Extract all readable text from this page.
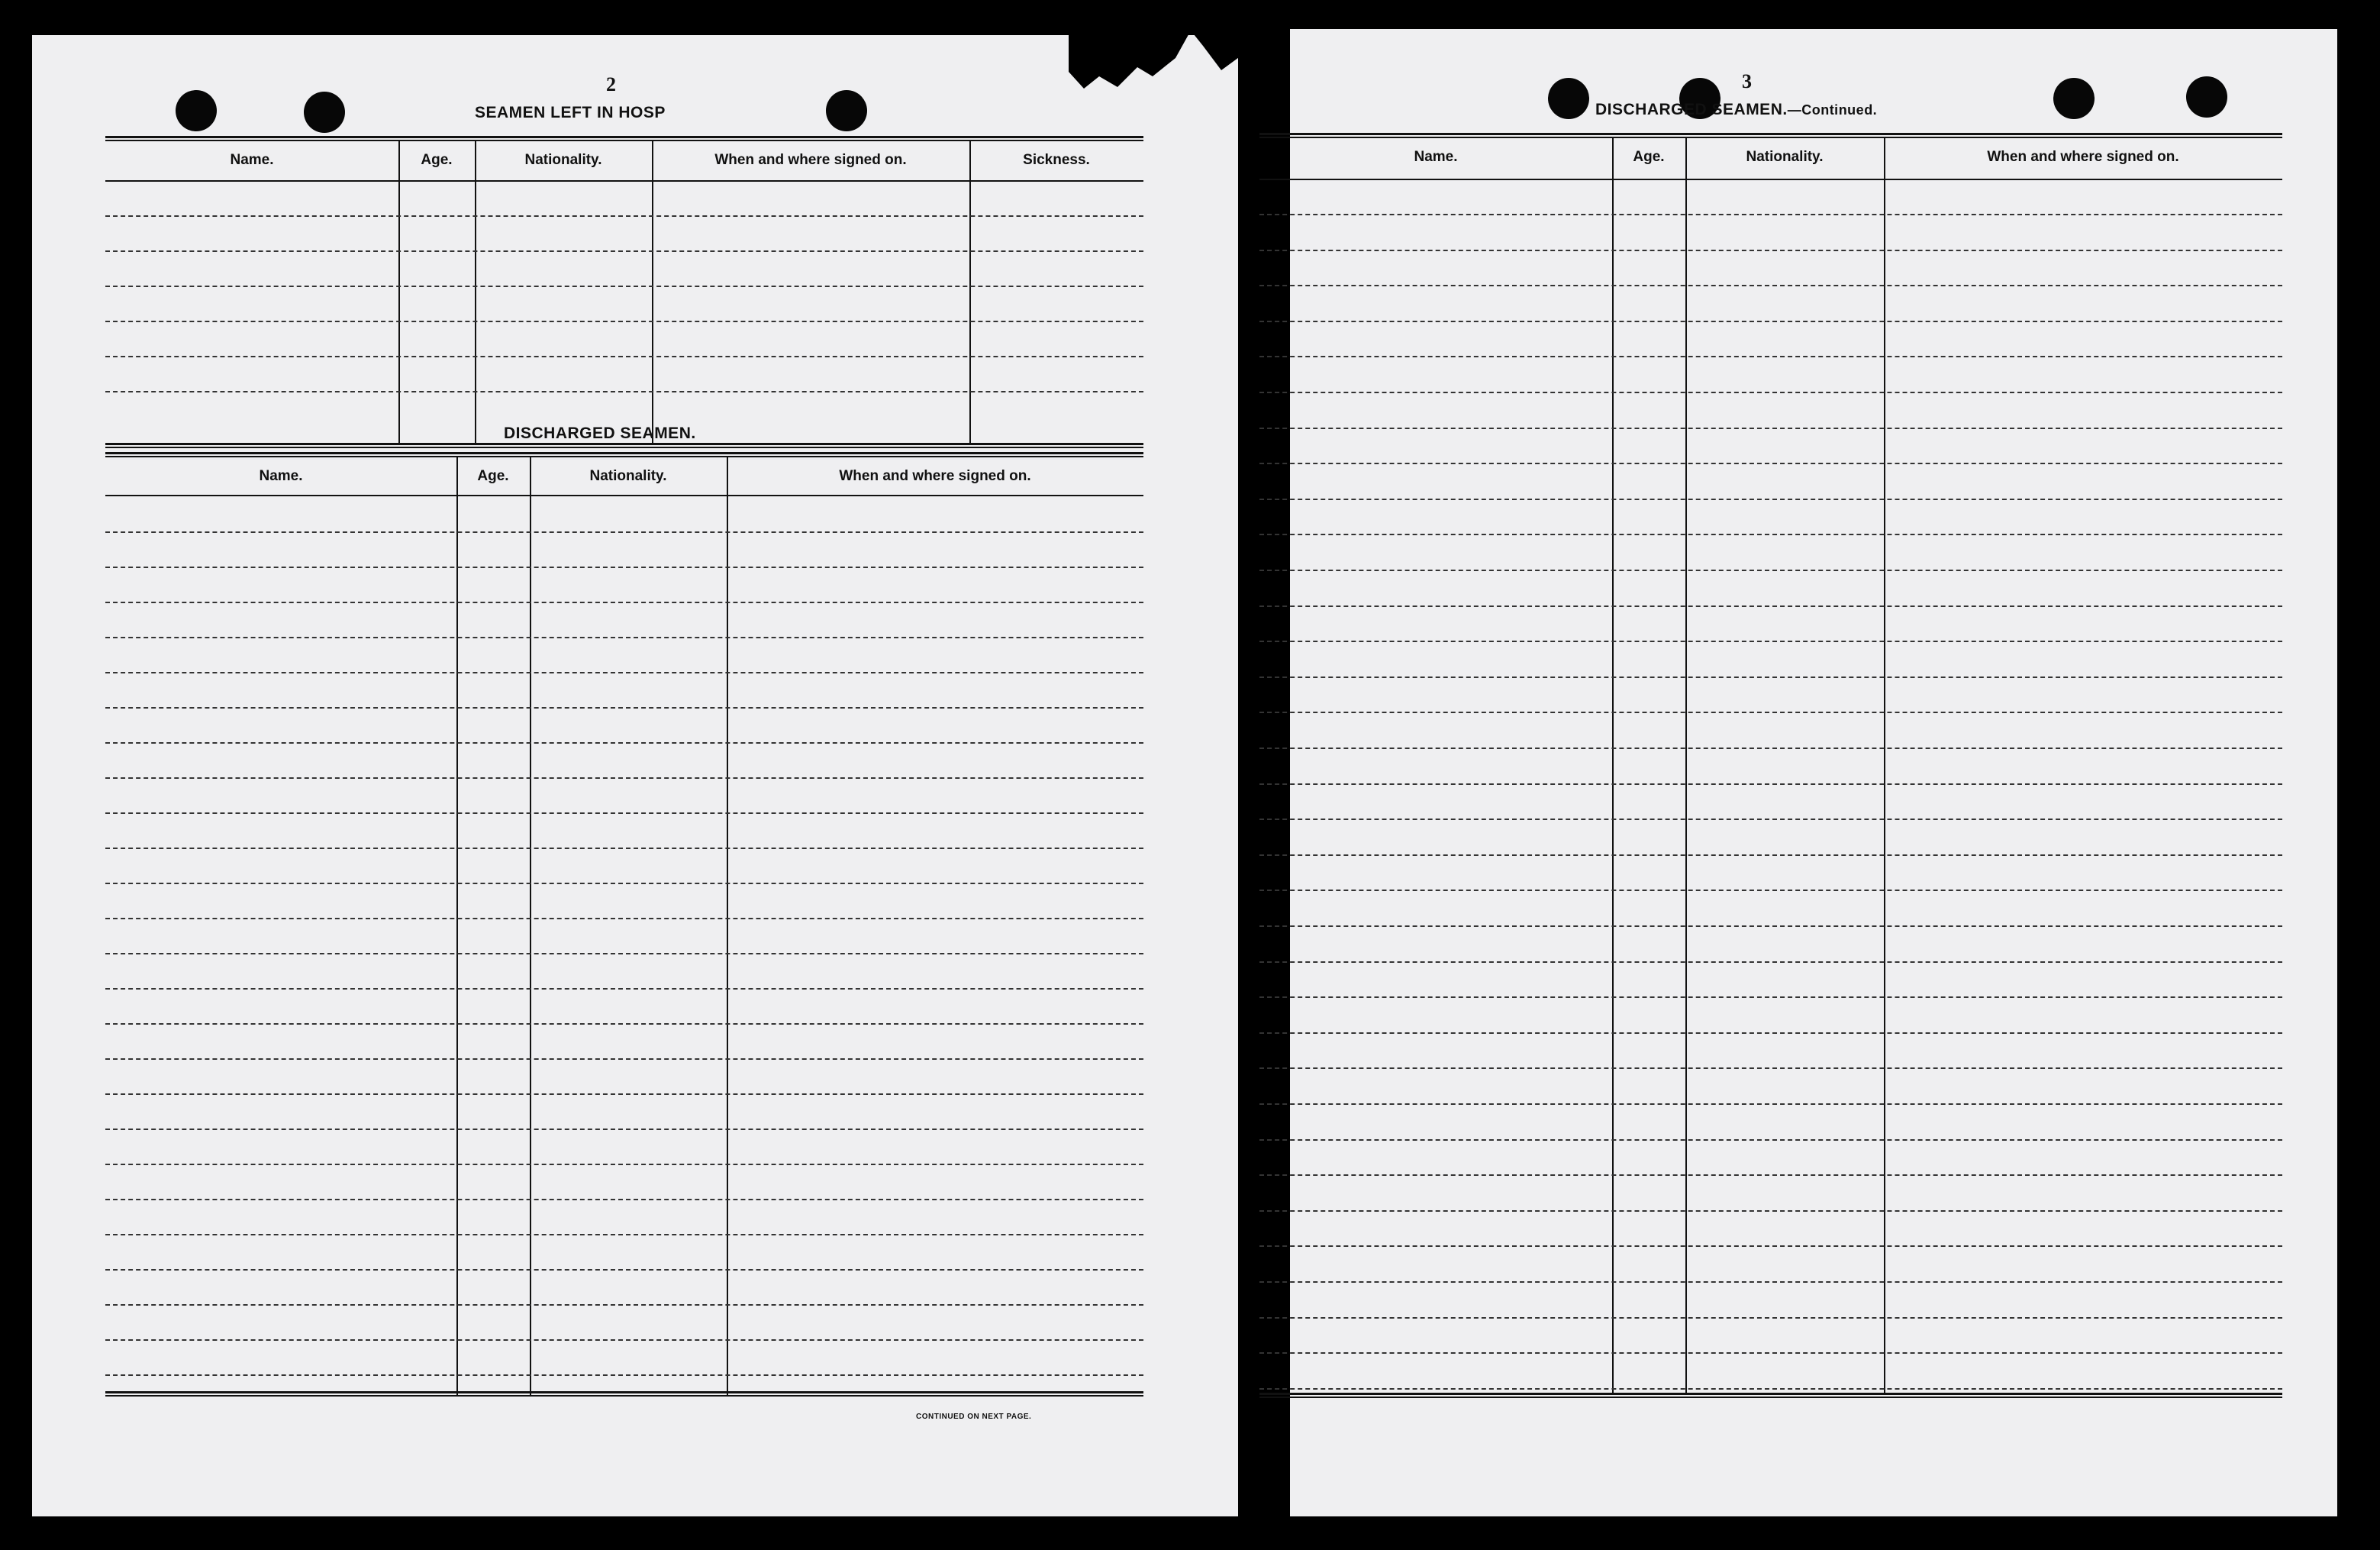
2
SEAMEN LEFT IN HOSP
Name.	Age.	Nationality.	When and where signed on.	Sickness.
DISCHARGED SEAMEN.
Name.	Age.	Nationality.	When and where signed on.
CONTINUED ON NEXT PAGE.
3
DISCHARGED SEAMEN.—Continued.
Name.	Age.	Nationality.	When and where signed on.
